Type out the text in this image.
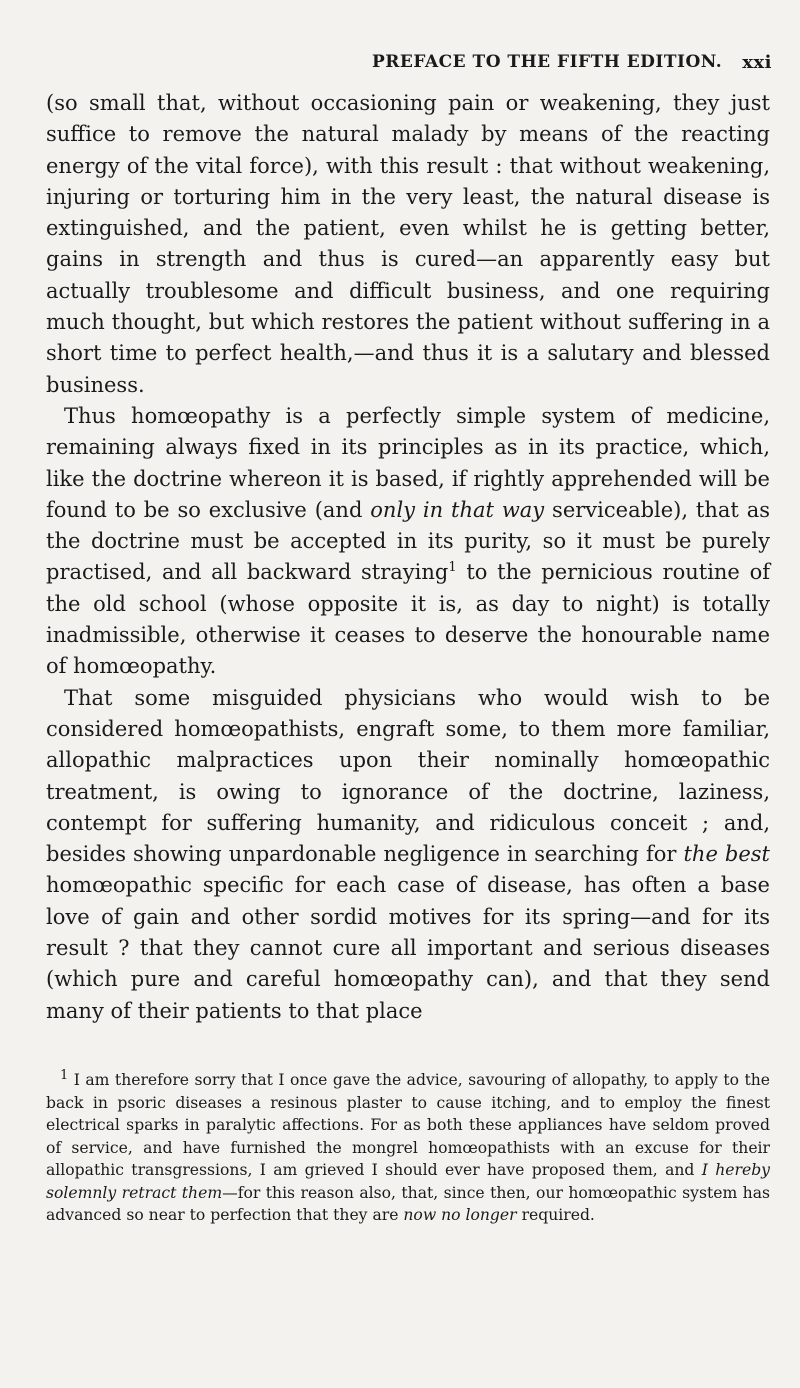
PREFACE TO THE FIFTH EDITION. xxi

(so small that, without occasioning pain or weakening, they just suffice to remove the natural malady by means of the reacting energy of the vital force), with this result : that without weakening, injuring or torturing him in the very least, the natural disease is extinguished, and the patient, even whilst he is getting better, gains in strength and thus is cured—an apparently easy but actually troublesome and difficult business, and one requiring much thought, but which restores the patient without suffering in a short time to perfect health,—and thus it is a salutary and blessed business.

Thus homœopathy is a perfectly simple system of medicine, remaining always fixed in its principles as in its practice, which, like the doctrine whereon it is based, if rightly apprehended will be found to be so exclusive (and only in that way serviceable), that as the doctrine must be accepted in its purity, so it must be purely practised, and all backward straying$^1$ to the pernicious routine of the old school (whose opposite it is, as day to night) is totally inadmissible, otherwise it ceases to deserve the honourable name of homœopathy.

That some misguided physicians who would wish to be considered homœopathists, engraft some, to them more familiar, allopathic malpractices upon their nominally homœopathic treatment, is owing to ignorance of the doctrine, laziness, contempt for suffering humanity, and ridiculous conceit ; and, besides showing unpardonable negligence in searching for the best homœopathic specific for each case of disease, has often a base love of gain and other sordid motives for its spring—and for its result ? that they cannot cure all important and serious diseases (which pure and careful homœopathy can), and that they send many of their patients to that place

$^1$ I am therefore sorry that I once gave the advice, savouring of allopathy, to apply to the back in psoric diseases a resinous plaster to cause itching, and to employ the finest electrical sparks in paralytic affections. For as both these appliances have seldom proved of service, and have furnished the mongrel homœopathists with an excuse for their allopathic transgressions, I am grieved I should ever have proposed them, and I hereby solemnly retract them—for this reason also, that, since then, our homœopathic system has advanced so near to perfection that they are now no longer required.
